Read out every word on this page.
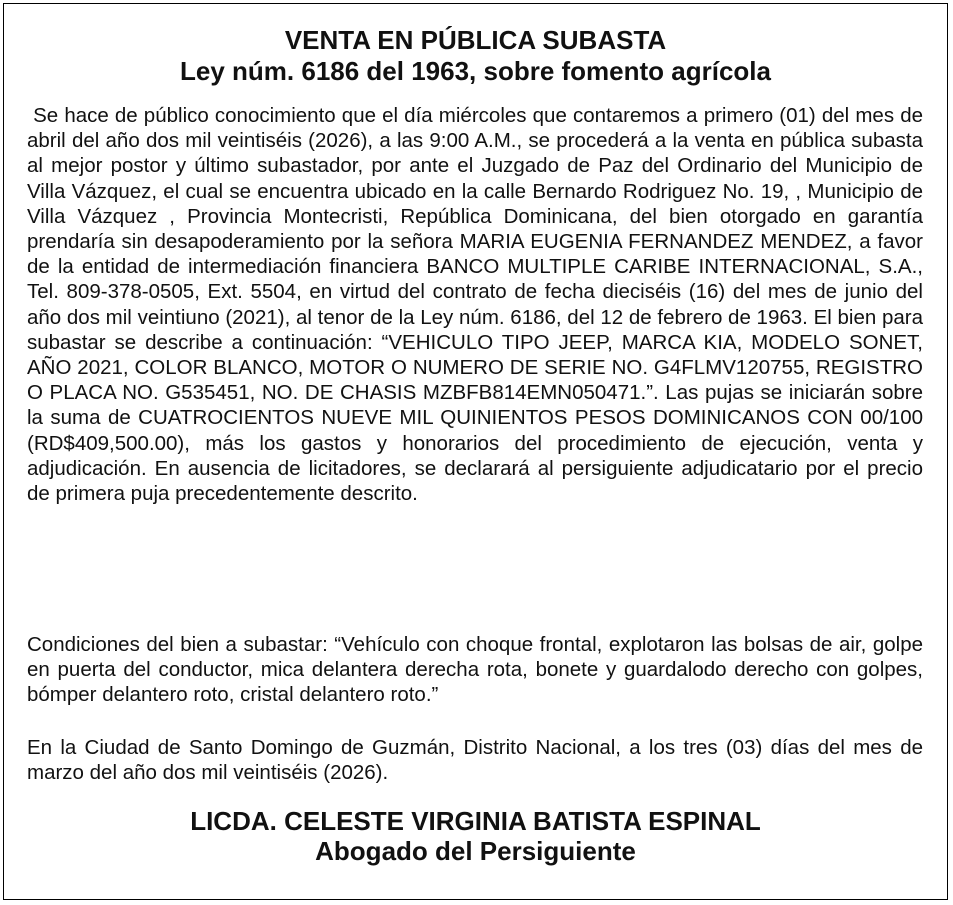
VENTA EN PÚBLICA SUBASTA
Ley núm. 6186 del 1963, sobre fomento agrícola

Se hace de público conocimiento que el día miércoles que contaremos a primero (01) del mes de abril del año dos mil veintiséis (2026), a las 9:00 A.M., se procederá a la venta en pública subasta al mejor postor y último subastador, por ante el Juzgado de Paz del Ordinario del Municipio de Villa Vázquez, el cual se encuentra ubicado en la calle Bernardo Rodriguez No. 19, , Municipio de Villa Vázquez , Provincia Montecristi, República Dominicana, del bien otorgado en garantía prendaría sin desapoderamiento por la señora MARIA EUGENIA FERNANDEZ MENDEZ, a favor de la entidad de intermediación financiera BANCO MULTIPLE CARIBE INTERNACIONAL, S.A., Tel. 809-378-0505, Ext. 5504, en virtud del contrato de fecha dieciséis (16) del mes de junio del año dos mil veintiuno (2021), al tenor de la Ley núm. 6186, del 12 de febrero de 1963. El bien para subastar se describe a continuación: “VEHICULO TIPO JEEP, MARCA KIA, MODELO SONET, AÑO 2021, COLOR BLANCO, MOTOR O NUMERO DE SERIE NO. G4FLMV120755, REGISTRO O PLACA NO. G535451, NO. DE CHASIS MZBFB814EMN050471.”. Las pujas se iniciarán sobre la suma de CUATROCIENTOS NUEVE MIL QUINIENTOS PESOS DOMINICANOS CON 00/100 (RD$409,500.00), más los gastos y honorarios del procedimiento de ejecución, venta y adjudicación. En ausencia de licitadores, se declarará al persiguiente adjudicatario por el precio de primera puja precedentemente descrito.

Condiciones del bien a subastar: “Vehículo con choque frontal, explotaron las bolsas de air, golpe en puerta del conductor, mica delantera derecha rota, bonete y guardalodo derecho con golpes, bómper delantero roto, cristal delantero roto.”

En la Ciudad de Santo Domingo de Guzmán, Distrito Nacional, a los tres (03) días del mes de marzo del año dos mil veintiséis (2026).

LICDA. CELESTE VIRGINIA BATISTA ESPINAL
Abogado del Persiguiente
